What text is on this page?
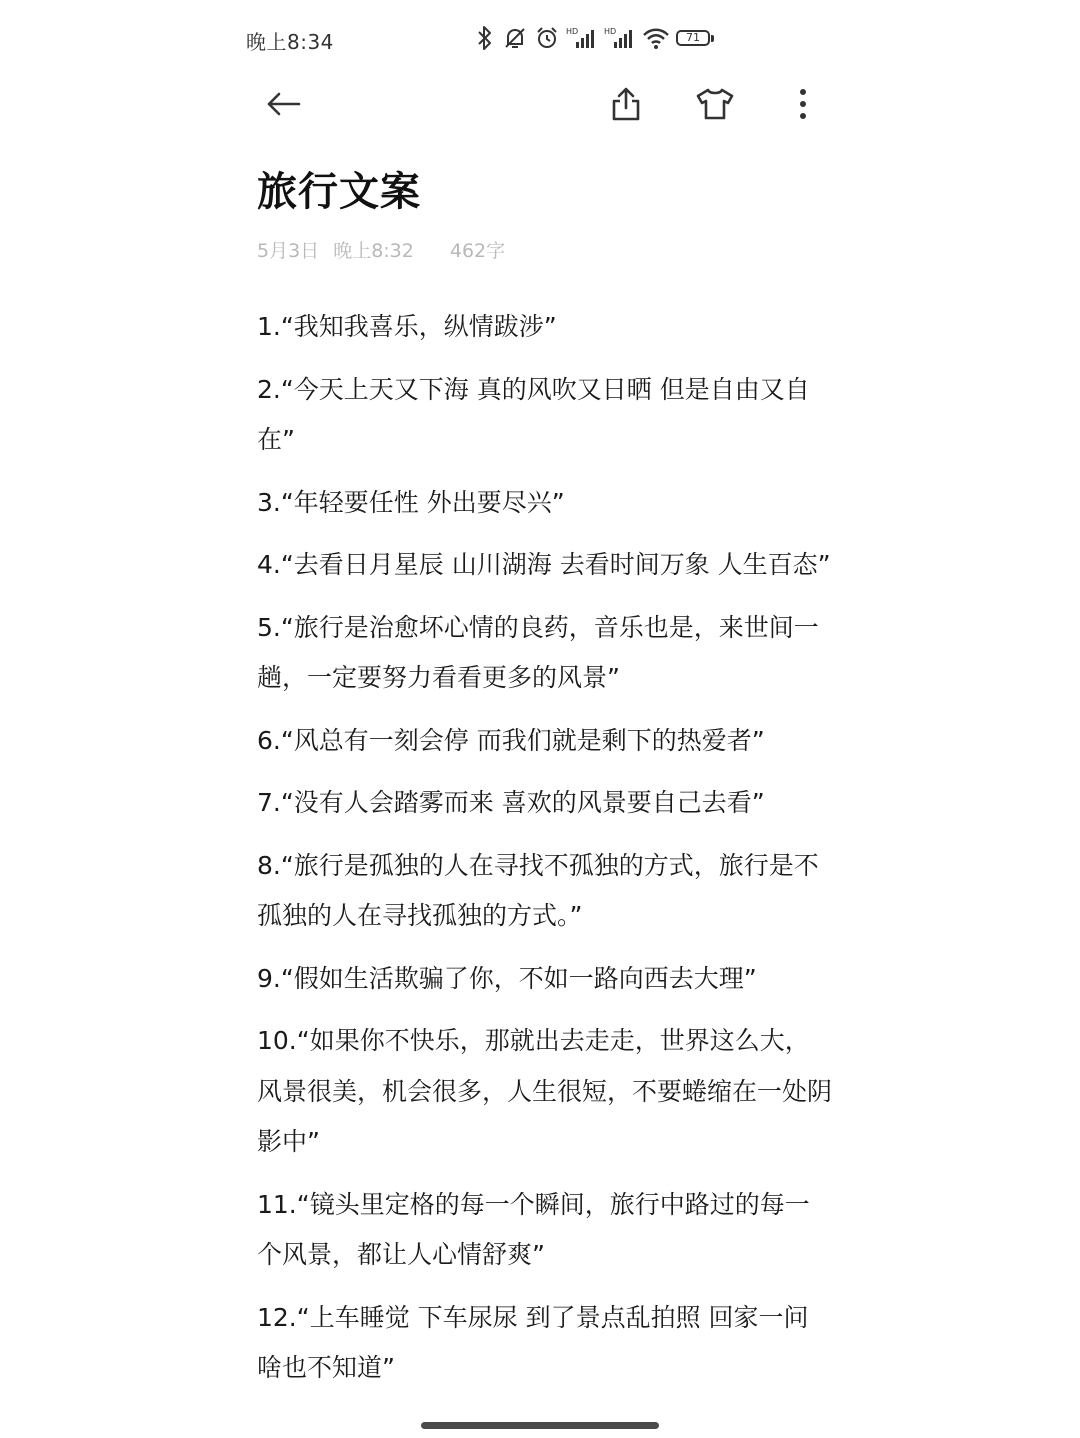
晚上8:34	HD	HD	71
旅行文案
5月3日 晚上8:32 462字

1.“我知我喜乐，纵情跋涉”

2.“今天上天又下海 真的风吹又日晒 但是自由又自在”

3.“年轻要任性 外出要尽兴”

4.“去看日月星辰 山川湖海 去看时间万象 人生百态”

5.“旅行是治愈坏心情的良药，音乐也是，来世间一趟，一定要努力看看更多的风景”

6.“风总有一刻会停 而我们就是剩下的热爱者”

7.“没有人会踏雾而来 喜欢的风景要自己去看”

8.“旅行是孤独的人在寻找不孤独的方式，旅行是不孤独的人在寻找孤独的方式。”

9.“假如生活欺骗了你，不如一路向西去大理”

10.“如果你不快乐，那就出去走走，世界这么大，风景很美，机会很多，人生很短，不要蜷缩在一处阴影中”

11.“镜头里定格的每一个瞬间，旅行中路过的每一个风景，都让人心情舒爽”

12.“上车睡觉 下车尿尿 到了景点乱拍照 回家一问啥也不知道”
